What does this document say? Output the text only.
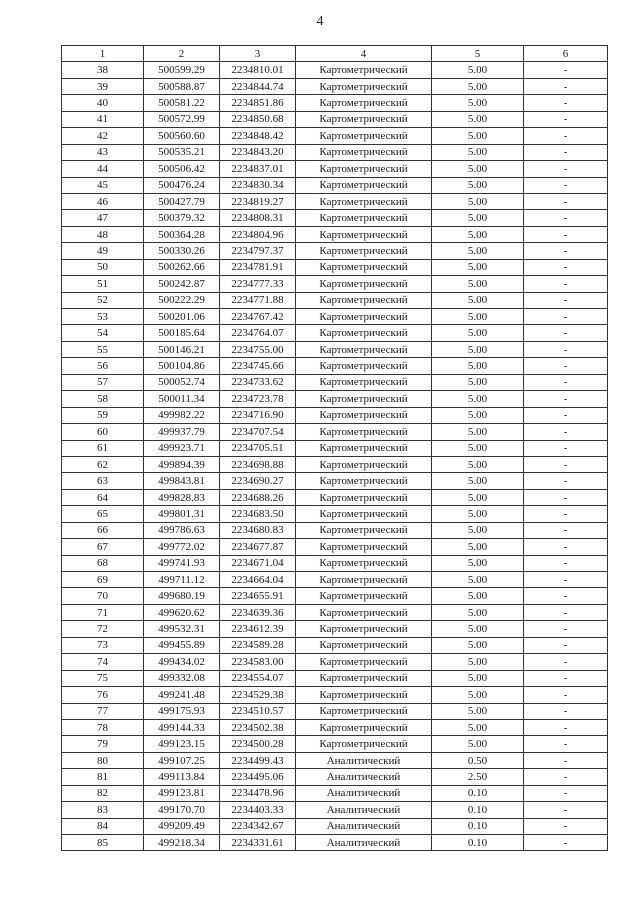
4
1	2	3	4	5	6
38	500599.29	2234810.01	Картометрический	5.00	-
39	500588.87	2234844.74	Картометрический	5.00	-
40	500581.22	2234851.86	Картометрический	5.00	-
41	500572.99	2234850.68	Картометрический	5.00	-
42	500560.60	2234848.42	Картометрический	5.00	-
43	500535.21	2234843.20	Картометрический	5.00	-
44	500506.42	2234837.01	Картометрический	5.00	-
45	500476.24	2234830.34	Картометрический	5.00	-
46	500427.79	2234819.27	Картометрический	5.00	-
47	500379.32	2234808.31	Картометрический	5.00	-
48	500364.28	2234804.96	Картометрический	5.00	-
49	500330.26	2234797.37	Картометрический	5.00	-
50	500262.66	2234781.91	Картометрический	5.00	-
51	500242.87	2234777.33	Картометрический	5.00	-
52	500222.29	2234771.88	Картометрический	5.00	-
53	500201.06	2234767.42	Картометрический	5.00	-
54	500185.64	2234764.07	Картометрический	5.00	-
55	500146.21	2234755.00	Картометрический	5.00	-
56	500104.86	2234745.66	Картометрический	5.00	-
57	500052.74	2234733.62	Картометрический	5.00	-
58	500011.34	2234723.78	Картометрический	5.00	-
59	499982.22	2234716.90	Картометрический	5.00	-
60	499937.79	2234707.54	Картометрический	5.00	-
61	499923.71	2234705.51	Картометрический	5.00	-
62	499894.39	2234698.88	Картометрический	5.00	-
63	499843.81	2234690.27	Картометрический	5.00	-
64	499828.83	2234688.26	Картометрический	5.00	-
65	499801.31	2234683.50	Картометрический	5.00	-
66	499786.63	2234680.83	Картометрический	5.00	-
67	499772.02	2234677.87	Картометрический	5.00	-
68	499741.93	2234671.04	Картометрический	5.00	-
69	499711.12	2234664.04	Картометрический	5.00	-
70	499680.19	2234655.91	Картометрический	5.00	-
71	499620.62	2234639.36	Картометрический	5.00	-
72	499532.31	2234612.39	Картометрический	5.00	-
73	499455.89	2234589.28	Картометрический	5.00	-
74	499434.02	2234583.00	Картометрический	5.00	-
75	499332.08	2234554.07	Картометрический	5.00	-
76	499241.48	2234529.38	Картометрический	5.00	-
77	499175.93	2234510.57	Картометрический	5.00	-
78	499144.33	2234502.38	Картометрический	5.00	-
79	499123.15	2234500.28	Картометрический	5.00	-
80	499107.25	2234499.43	Аналитический	0.50	-
81	499113.84	2234495.06	Аналитический	2.50	-
82	499123.81	2234478.96	Аналитический	0.10	-
83	499170.70	2234403.33	Аналитический	0.10	-
84	499209.49	2234342.67	Аналитический	0.10	-
85	499218.34	2234331.61	Аналитический	0.10	-
